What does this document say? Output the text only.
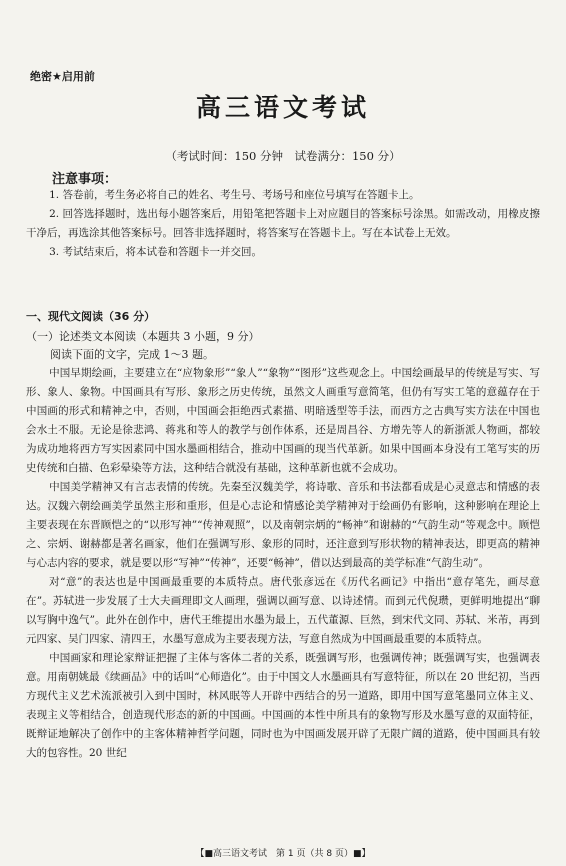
绝密★启用前
高三语文考试
（考试时间：150 分钟　试卷满分：150 分）
注意事项：
1. 答卷前，考生务必将自己的姓名、考生号、考场号和座位号填写在答题卡上。
2. 回答选择题时，选出每小题答案后，用铅笔把答题卡上对应题目的答案标号涂黑。如需改动，用橡皮擦干净后，再选涂其他答案标号。回答非选择题时，将答案写在答题卡上。写在本试卷上无效。
3. 考试结束后，将本试卷和答题卡一并交回。
一、现代文阅读（36 分）
（一）论述类文本阅读（本题共 3 小题，9 分）
阅读下面的文字，完成 1～3 题。

中国早期绘画，主要建立在“应物象形”“象人”“象物”“图形”这些观念上。中国绘画最早的传统是写实、写形、象人、象物。中国画具有写形、象形之历史传统，虽然文人画重写意简笔，但仍有写实工笔的意蕴存在于中国画的形式和精神之中，否则，中国画会拒绝西式素描、明暗透型等手法，而西方之古典写实方法在中国也会水土不服。无论是徐悲鸿、蒋兆和等人的教学与创作体系，还是周昌谷、方增先等人的新浙派人物画，都较为成功地将西方写实因素同中国水墨画相结合，推动中国画的现当代革新。如果中国画本身没有工笔写实的历史传统和白描、色彩晕染等方法，这种结合就没有基础，这种革新也就不会成功。

中国美学精神又有言志表情的传统。先秦至汉魏美学，将诗歌、音乐和书法都看成是心灵意志和情感的表达。汉魏六朝绘画美学虽然主形和重形，但是心志论和情感论美学精神对于绘画仍有影响，这种影响在理论上主要表现在东晋顾恺之的“以形写神”“传神观照”，以及南朝宗炳的“畅神”和谢赫的“气韵生动”等观念中。顾恺之、宗炳、谢赫都是著名画家，他们在强调写形、象形的同时，还注意到写形状物的精神表达，即更高的精神与心志内容的要求，就是要以形“写神”“传神”，还要“畅神”，借以达到最高的美学标准“气韵生动”。

对“意”的表达也是中国画最重要的本质特点。唐代张彦远在《历代名画记》中指出“意存笔先，画尽意在”。苏轼进一步发展了士大夫画理即文人画理，强调以画写意、以诗述情。而到元代倪瓒，更鲜明地提出“聊以写胸中逸气”。此外在创作中，唐代王维提出水墨为最上，五代董源、巨然，到宋代文同、苏轼、米芾，再到元四家、吴门四家、清四王，水墨写意成为主要表现方法，写意自然成为中国画最重要的本质特点。

中国画家和理论家辩证把握了主体与客体二者的关系，既强调写形，也强调传神；既强调写实，也强调表意。用南朝姚最《续画品》中的话叫“心师造化”。由于中国文人水墨画具有写意特征，所以在 20 世纪初，当西方现代主义艺术流派被引入到中国时，林风眠等人开辟中西结合的另一道路，即用中国写意笔墨同立体主义、表现主义等相结合，创造现代形态的新的中国画。中国画的本性中所具有的象物写形及水墨写意的双面特征，既辩证地解决了创作中的主客体精神哲学问题，同时也为中国画发展开辟了无限广阔的道路，使中国画具有较大的包容性。20 世纪

【■高三语文考试　第 1 页（共 8 页）■】
